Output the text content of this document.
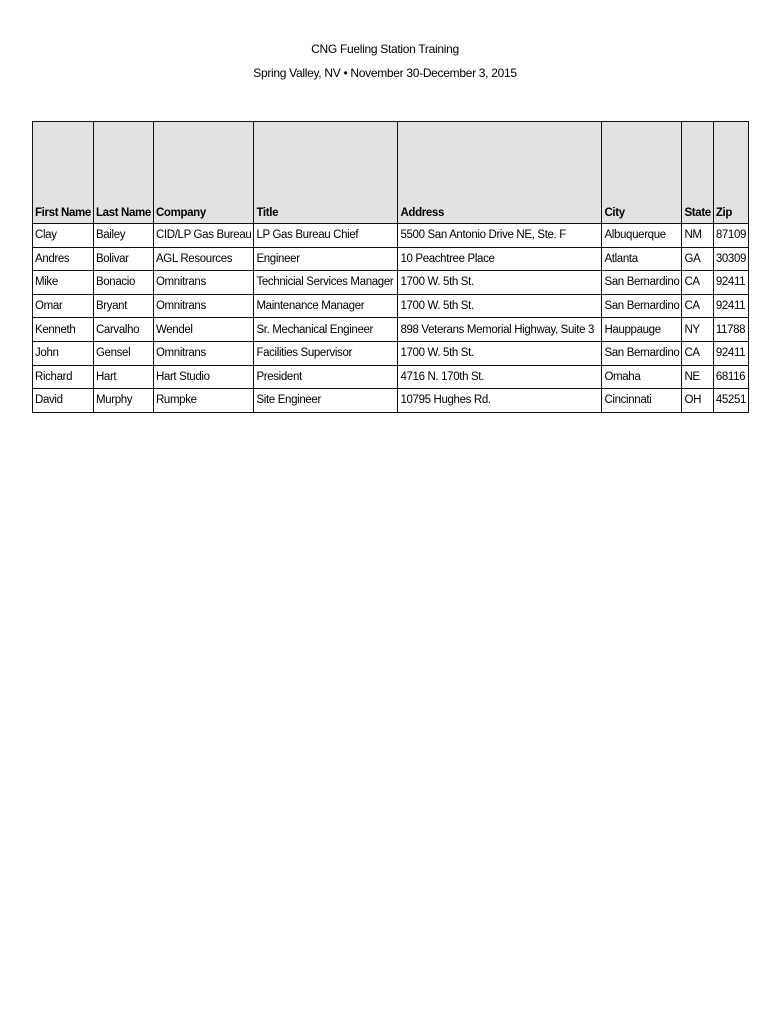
CNG Fueling Station Training
Spring Valley, NV • November 30-December 3, 2015
First Name	Last Name	Company	Title	Address	City	State	Zip
Clay	Bailey	CID/LP Gas Bureau	LP Gas Bureau Chief	5500 San Antonio Drive NE, Ste. F	Albuquerque	NM	87109
Andres	Bolivar	AGL Resources	Engineer	10 Peachtree Place	Atlanta	GA	30309
Mike	Bonacio	Omnitrans	Technicial Services Manager	1700 W. 5th St.	San Bernardino	CA	92411
Omar	Bryant	Omnitrans	Maintenance Manager	1700 W. 5th St.	San Bernardino	CA	92411
Kenneth	Carvalho	Wendel	Sr. Mechanical Engineer	898 Veterans Memorial Highway, Suite 3	Hauppauge	NY	11788
John	Gensel	Omnitrans	Facilities Supervisor	1700 W. 5th St.	San Bernardino	CA	92411
Richard	Hart	Hart Studio	President	4716 N. 170th St.	Omaha	NE	68116
David	Murphy	Rumpke	Site Engineer	10795 Hughes Rd.	Cincinnati	OH	45251
